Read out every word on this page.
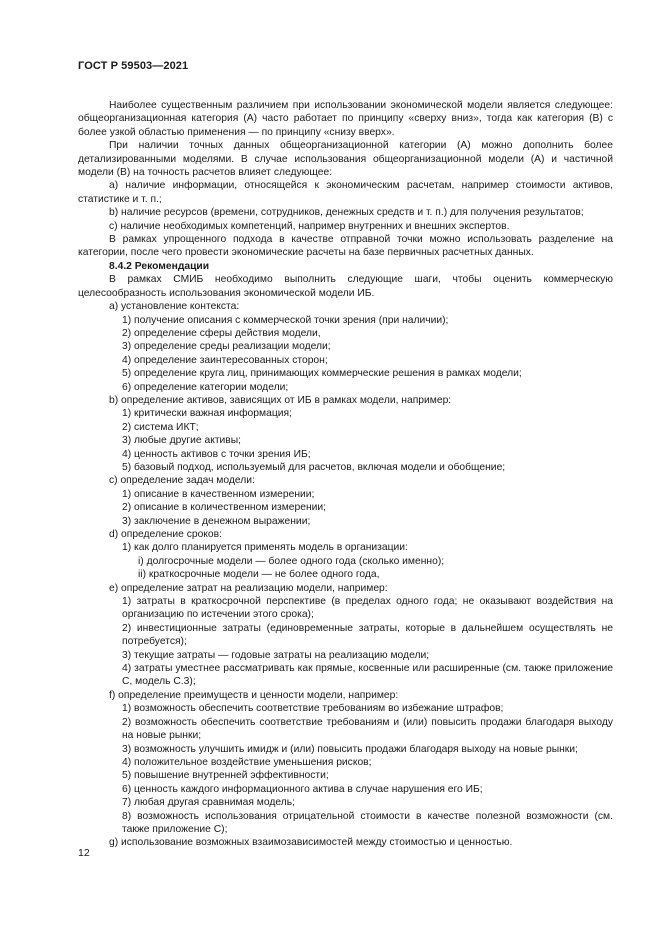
ГОСТ Р 59503—2021

Наиболее существенным различием при использовании экономической модели является следующее: общеорганизационная категория (A) часто работает по принципу «сверху вниз», тогда как категория (B) с более узкой областью применения — по принципу «снизу вверх».

При наличии точных данных общеорганизационной категории (A) можно дополнить более детализированными моделями. В случае использования общеорганизационной модели (A) и частичной модели (B) на точность расчетов влияет следующее:

a) наличие информации, относящейся к экономическим расчетам, например стоимости активов, статистике и т. п.;

b) наличие ресурсов (времени, сотрудников, денежных средств и т. п.) для получения результатов;

c) наличие необходимых компетенций, например внутренних и внешних экспертов.

В рамках упрощенного подхода в качестве отправной точки можно использовать разделение на категории, после чего провести экономические расчеты на базе первичных расчетных данных.

8.4.2 Рекомендации

В рамках СМИБ необходимо выполнить следующие шаги, чтобы оценить коммерческую целесообразность использования экономической модели ИБ.

a) установление контекста:

1) получение описания с коммерческой точки зрения (при наличии);

2) определение сферы действия модели,

3) определение среды реализации модели;

4) определение заинтересованных сторон;

5) определение круга лиц, принимающих коммерческие решения в рамках модели;

6) определение категории модели;

b) определение активов, зависящих от ИБ в рамках модели, например:

1) критически важная информация;

2) система ИКТ;

3) любые другие активы;

4) ценность активов с точки зрения ИБ;

5) базовый подход, используемый для расчетов, включая модели и обобщение;

c) определение задач модели:

1) описание в качественном измерении;

2) описание в количественном измерении;

3) заключение в денежном выражении;

d) определение сроков:

1) как долго планируется применять модель в организации:

i) долгосрочные модели — более одного года (сколько именно);

ii) краткосрочные модели — не более одного года,

e) определение затрат на реализацию модели, например:

1) затраты в краткосрочной перспективе (в пределах одного года; не оказывают воздействия на организацию по истечении этого срока);

2) инвестиционные затраты (единовременные затраты, которые в дальнейшем осуществлять не потребуется);

3) текущие затраты — годовые затраты на реализацию модели;

4) затраты уместнее рассматривать как прямые, косвенные или расширенные (см. также приложение С, модель С.3);

f) определение преимуществ и ценности модели, например:

1) возможность обеспечить соответствие требованиям во избежание штрафов;

2) возможность обеспечить соответствие требованиям и (или) повысить продажи благодаря выходу на новые рынки;

3) возможность улучшить имидж и (или) повысить продажи благодаря выходу на новые рынки;

4) положительное воздействие уменьшения рисков;

5) повышение внутренней эффективности;

6) ценность каждого информационного актива в случае нарушения его ИБ;

7) любая другая сравнимая модель;

8) возможность использования отрицательной стоимости в качестве полезной возможности (см. также приложение С);

g) использование возможных взаимозависимостей между стоимостью и ценностью.

12
